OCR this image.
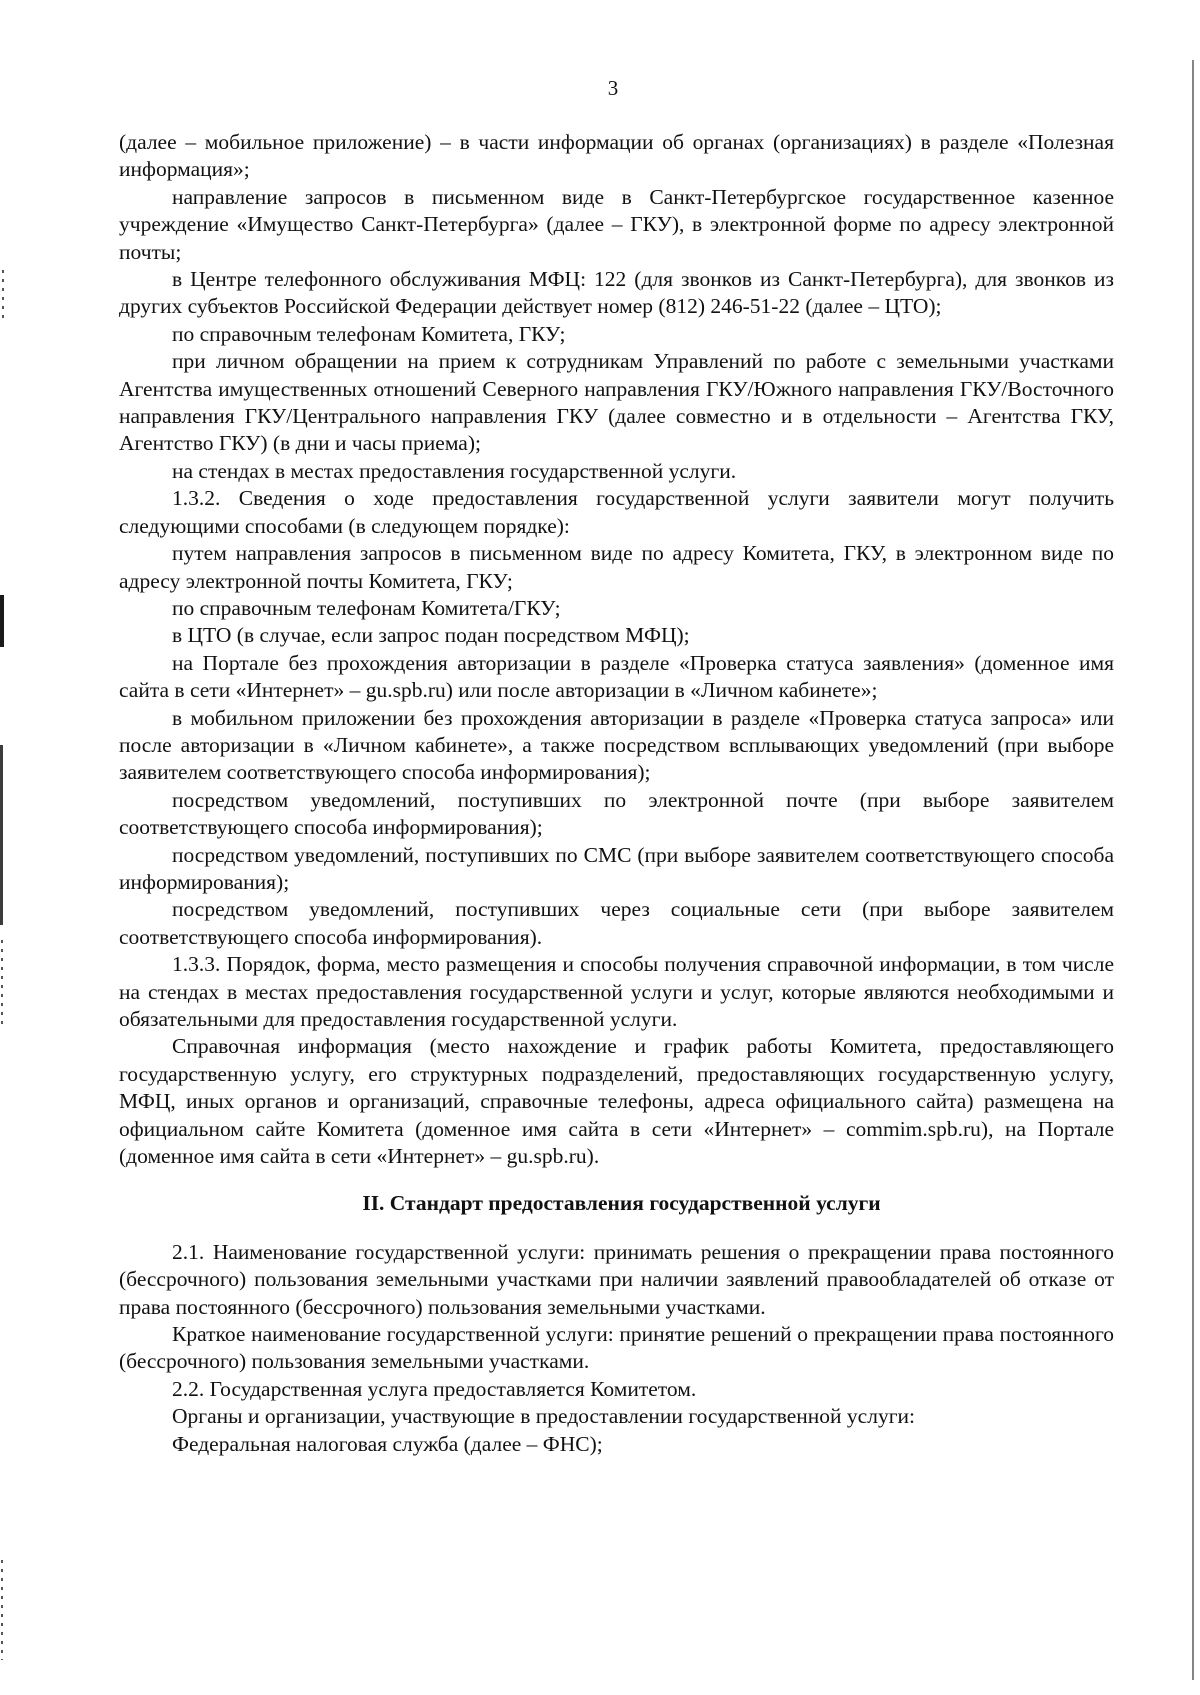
3

(далее – мобильное приложение) – в части информации об органах (организациях) в разделе «Полезная информация»;

направление запросов в письменном виде в Санкт-Петербургское государственное казенное учреждение «Имущество Санкт-Петербурга» (далее – ГКУ), в электронной форме по адресу электронной почты;

в Центре телефонного обслуживания МФЦ: 122 (для звонков из Санкт-Петербурга), для звонков из других субъектов Российской Федерации действует номер (812) 246-51-22 (далее – ЦТО);

по справочным телефонам Комитета, ГКУ;

при личном обращении на прием к сотрудникам Управлений по работе с земельными участками Агентства имущественных отношений Северного направления ГКУ/Южного направления ГКУ/Восточного направления ГКУ/Центрального направления ГКУ (далее совместно и в отдельности – Агентства ГКУ, Агентство ГКУ) (в дни и часы приема);

на стендах в местах предоставления государственной услуги.

1.3.2. Сведения о ходе предоставления государственной услуги заявители могут получить следующими способами (в следующем порядке):

путем направления запросов в письменном виде по адресу Комитета, ГКУ, в электронном виде по адресу электронной почты Комитета, ГКУ;

по справочным телефонам Комитета/ГКУ;

в ЦТО (в случае, если запрос подан посредством МФЦ);

на Портале без прохождения авторизации в разделе «Проверка статуса заявления» (доменное имя сайта в сети «Интернет» – gu.spb.ru) или после авторизации в «Личном кабинете»;

в мобильном приложении без прохождения авторизации в разделе «Проверка статуса запроса» или после авторизации в «Личном кабинете», а также посредством всплывающих уведомлений (при выборе заявителем соответствующего способа информирования);

посредством уведомлений, поступивших по электронной почте (при выборе заявителем соответствующего способа информирования);

посредством уведомлений, поступивших по СМС (при выборе заявителем соответствующего способа информирования);

посредством уведомлений, поступивших через социальные сети (при выборе заявителем соответствующего способа информирования).

1.3.3. Порядок, форма, место размещения и способы получения справочной информации, в том числе на стендах в местах предоставления государственной услуги и услуг, которые являются необходимыми и обязательными для предоставления государственной услуги.

Справочная информация (место нахождение и график работы Комитета, предоставляющего государственную услугу, его структурных подразделений, предоставляющих государственную услугу, МФЦ, иных органов и организаций, справочные телефоны, адреса официального сайта) размещена на официальном сайте Комитета (доменное имя сайта в сети «Интернет» – commim.spb.ru), на Портале (доменное имя сайта в сети «Интернет» – gu.spb.ru).

II. Стандарт предоставления государственной услуги

2.1. Наименование государственной услуги: принимать решения о прекращении права постоянного (бессрочного) пользования земельными участками при наличии заявлений правообладателей об отказе от права постоянного (бессрочного) пользования земельными участками.

Краткое наименование государственной услуги: принятие решений о прекращении права постоянного (бессрочного) пользования земельными участками.

2.2. Государственная услуга предоставляется Комитетом.

Органы и организации, участвующие в предоставлении государственной услуги:

Федеральная налоговая служба (далее – ФНС);
